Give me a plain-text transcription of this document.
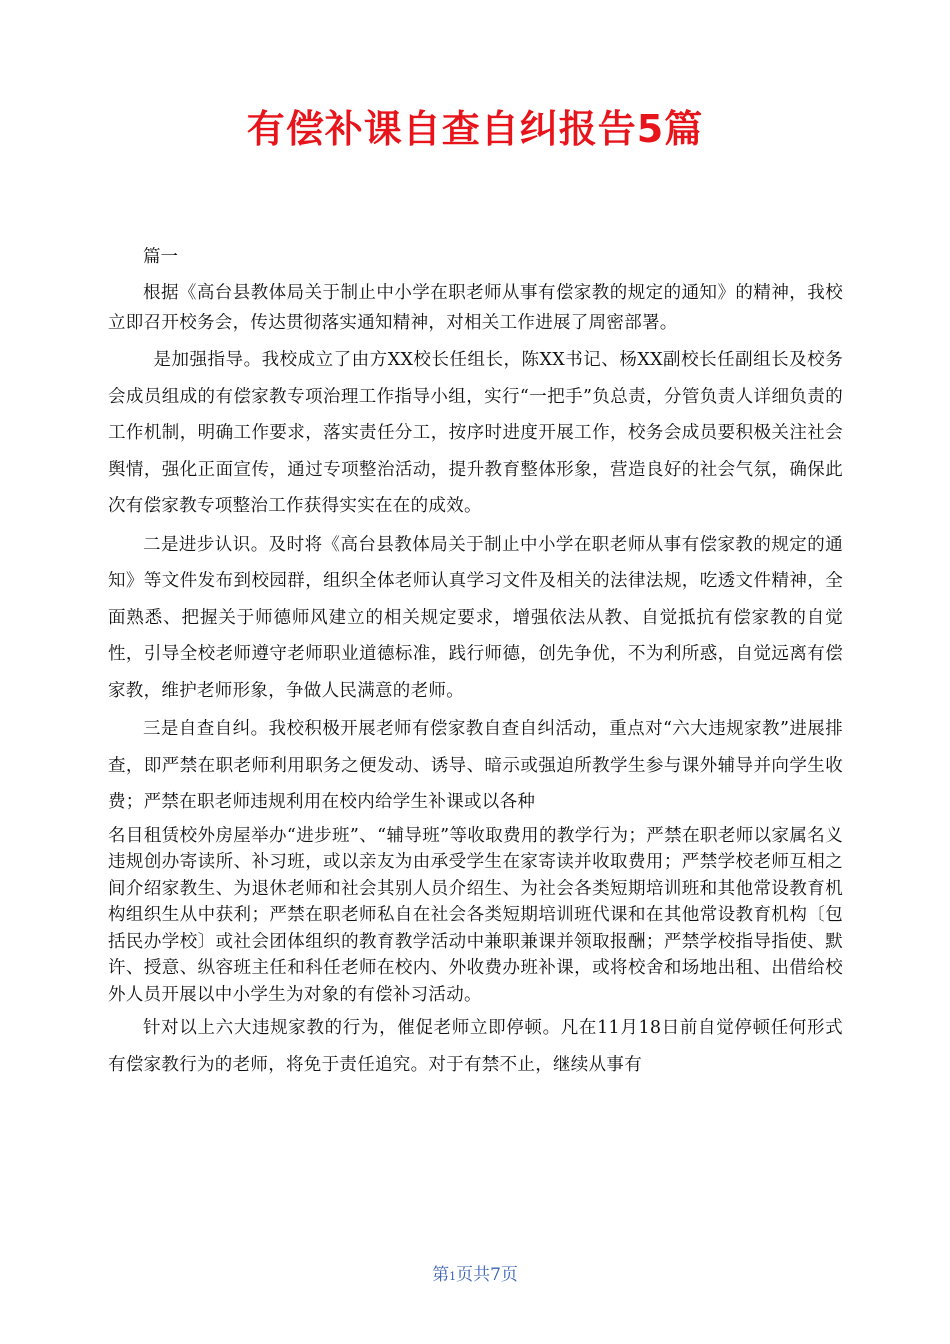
有偿补课自查自纠报告5篇
篇一

根据《高台县教体局关于制止中小学在职老师从事有偿家教的规定的通知》的精神，我校立即召开校务会，传达贯彻落实通知精神，对相关工作进展了周密部署。

是加强指导。我校成立了由方XX校长任组长，陈XX书记、杨XX副校长任副组长及校务会成员组成的有偿家教专项治理工作指导小组，实行“一把手”负总责，分管负责人详细负责的工作机制，明确工作要求，落实责任分工，按序时进度开展工作，校务会成员要积极关注社会舆情，强化正面宣传，通过专项整治活动，提升教育整体形象，营造良好的社会气氛，确保此次有偿家教专项整治工作获得实实在在的成效。

二是进步认识。及时将《高台县教体局关于制止中小学在职老师从事有偿家教的规定的通知》等文件发布到校园群，组织全体老师认真学习文件及相关的法律法规，吃透文件精神，全面熟悉、把握关于师德师风建立的相关规定要求，增强依法从教、自觉抵抗有偿家教的自觉性，引导全校老师遵守老师职业道德标准，践行师德，创先争优，不为利所惑，自觉远离有偿家教，维护老师形象，争做人民满意的老师。

三是自查自纠。我校积极开展老师有偿家教自查自纠活动，重点对“六大违规家教”进展排查，即严禁在职老师利用职务之便发动、诱导、暗示或强迫所教学生参与课外辅导并向学生收费；严禁在职老师违规利用在校内给学生补课或以各种

名目租赁校外房屋举办“进步班”、“辅导班”等收取费用的教学行为；严禁在职老师以家属名义违规创办寄读所、补习班，或以亲友为由承受学生在家寄读并收取费用；严禁学校老师互相之间介绍家教生、为退休老师和社会其别人员介绍生、为社会各类短期培训班和其他常设教育机构组织生从中获利；严禁在职老师私自在社会各类短期培训班代课和在其他常设教育机构〔包括民办学校〕或社会团体组织的教育教学活动中兼职兼课并领取报酬；严禁学校指导指使、默许、授意、纵容班主任和科任老师在校内、外收费办班补课，或将校舍和场地出租、出借给校外人员开展以中小学生为对象的有偿补习活动。

针对以上六大违规家教的行为，催促老师立即停顿。凡在11月18日前自觉停顿任何形式有偿家教行为的老师，将免于责任追究。对于有禁不止，继续从事有

第1页共7页
